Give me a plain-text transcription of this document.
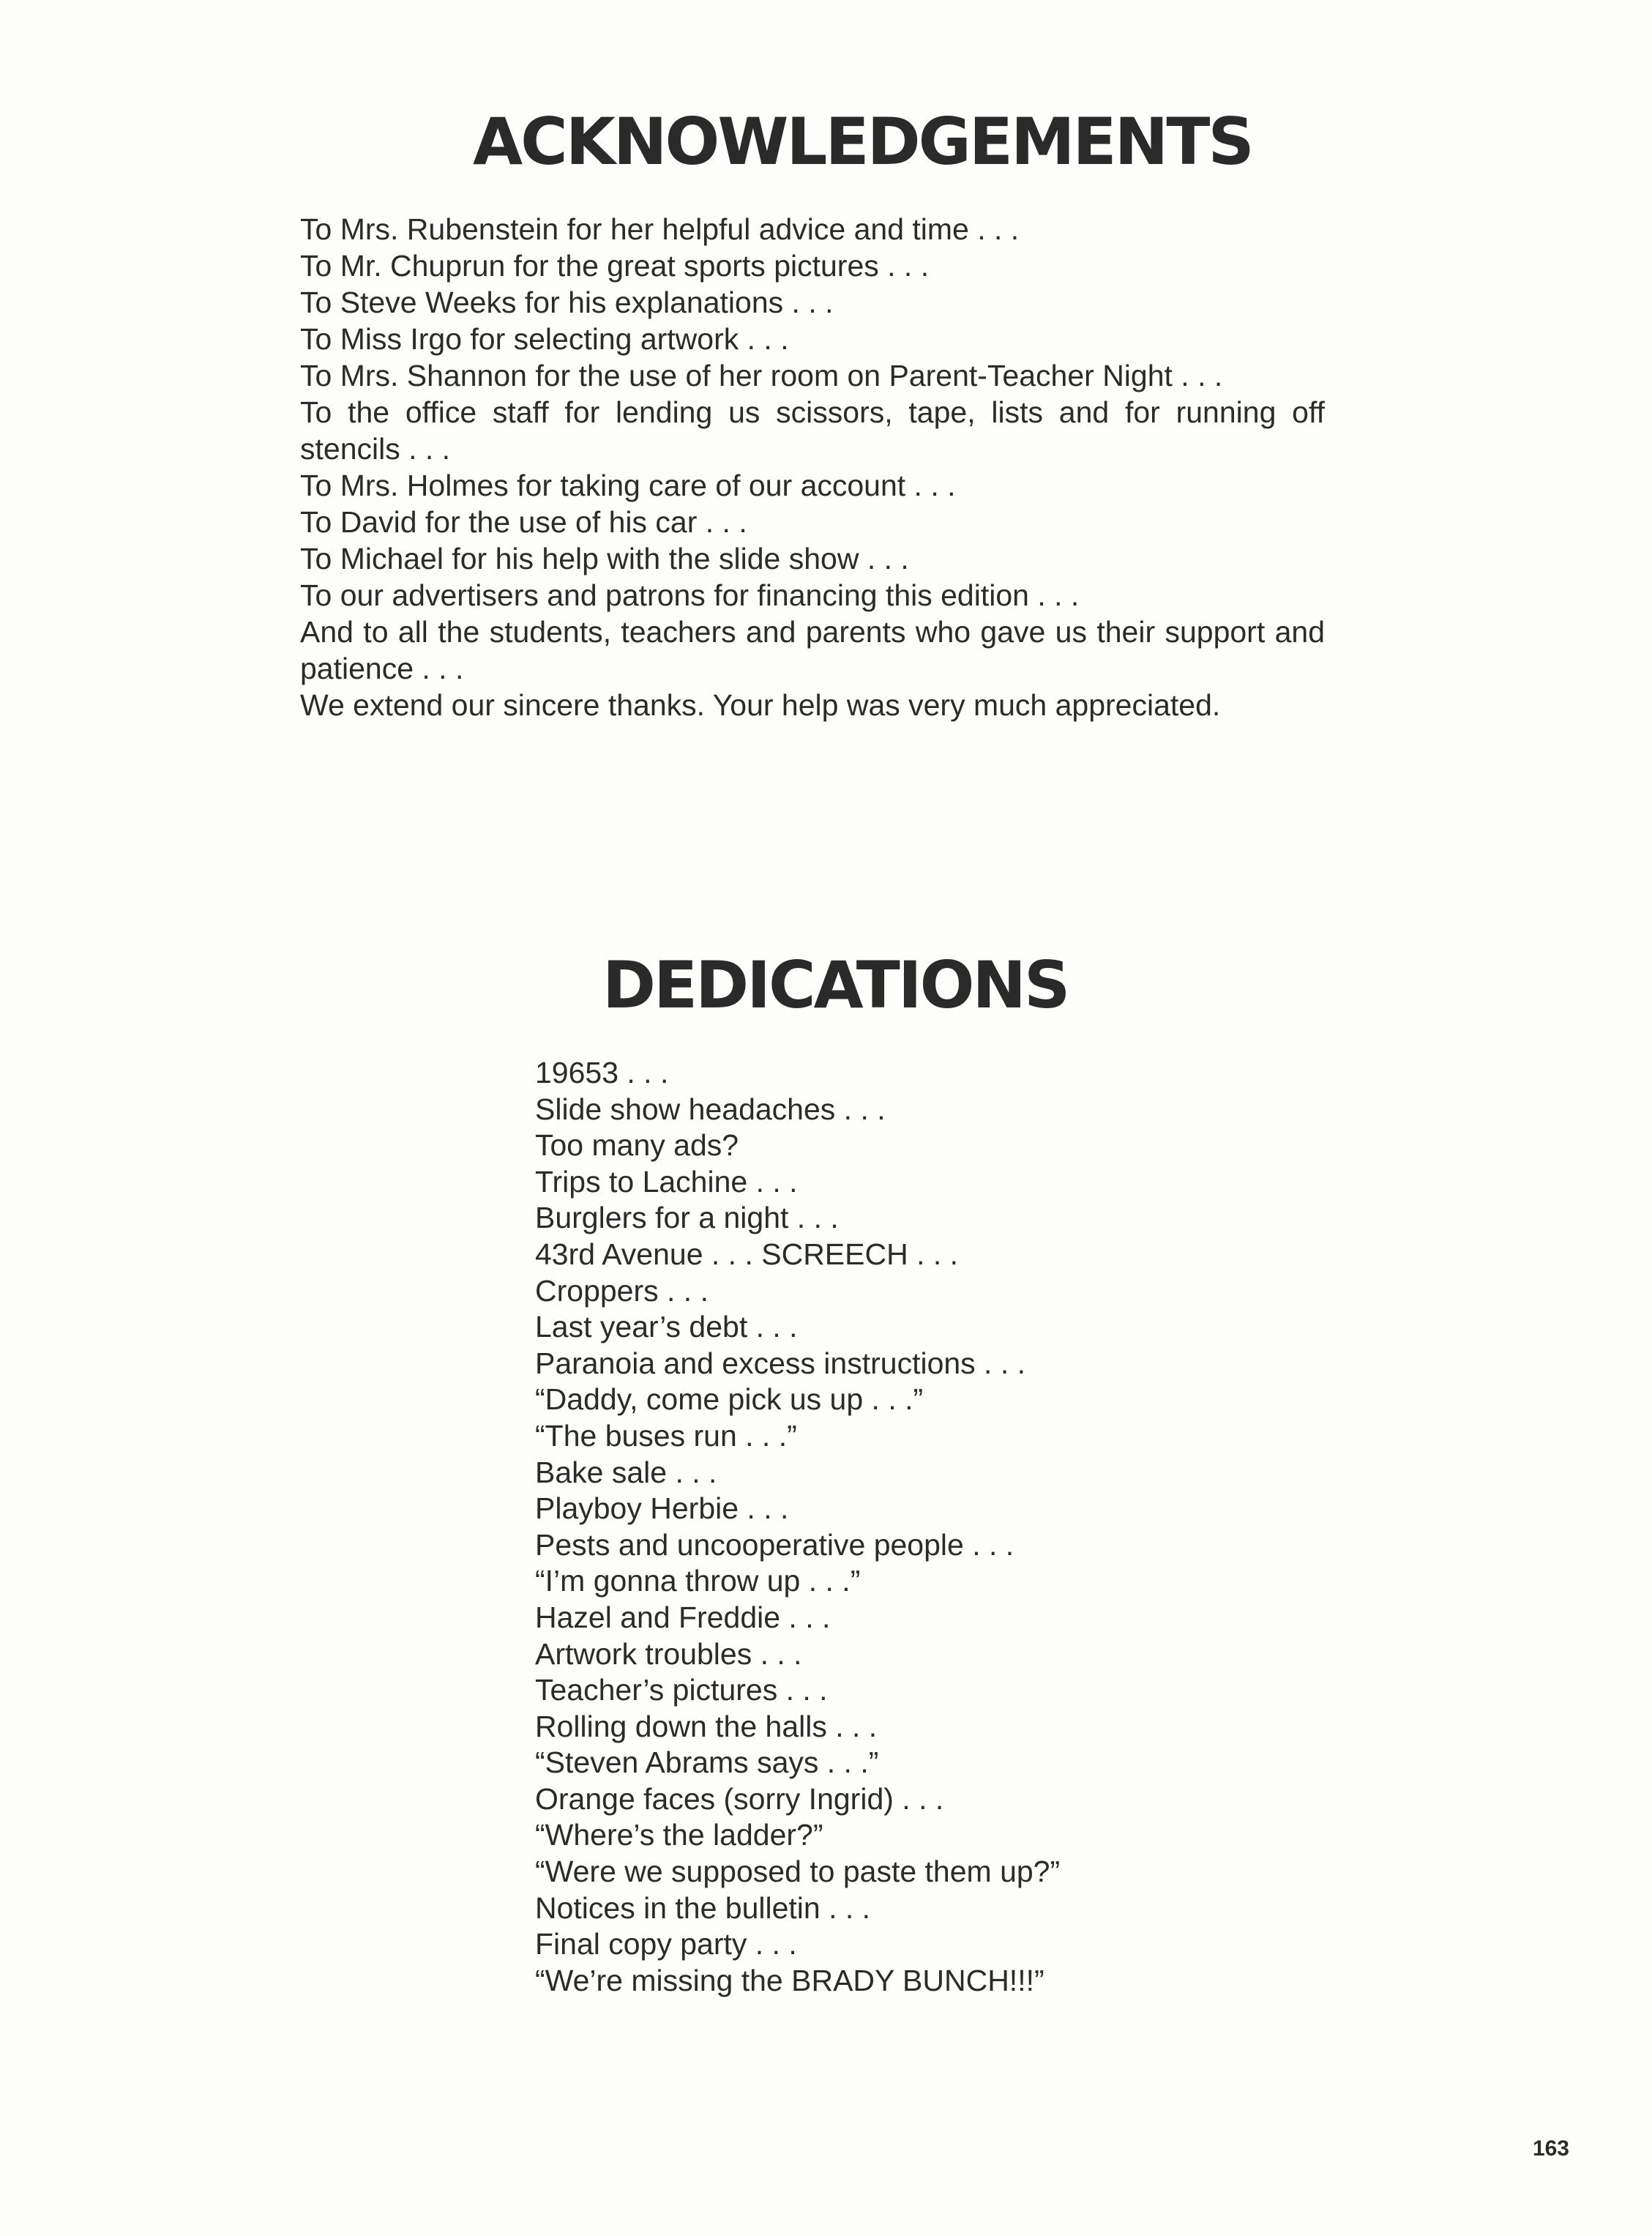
ACKNOWLEDGEMENTS

To Mrs. Rubenstein for her helpful advice and time . . .

To Mr. Chuprun for the great sports pictures . . .

To Steve Weeks for his explanations . . .

To Miss Irgo for selecting artwork . . .

To Mrs. Shannon for the use of her room on Parent-Teacher Night . . .

To the office staff for lending us scissors, tape, lists and for running off stencils . . .

To Mrs. Holmes for taking care of our account . . .

To David for the use of his car . . .

To Michael for his help with the slide show . . .

To our advertisers and patrons for financing this edition . . .

And to all the students, teachers and parents who gave us their support and patience . . .

We extend our sincere thanks. Your help was very much appreciated.

DEDICATIONS
19653 . . .
Slide show headaches . . .
Too many ads?
Trips to Lachine . . .
Burglers for a night . . .
43rd Avenue . . . SCREECH . . .
Croppers . . .
Last year’s debt . . .
Paranoia and excess instructions . . .
“Daddy, come pick us up . . .”
“The buses run . . .”
Bake sale . . .
Playboy Herbie . . .
Pests and uncooperative people . . .
“I’m gonna throw up . . .”
Hazel and Freddie . . .
Artwork troubles . . .
Teacher’s pictures . . .
Rolling down the halls . . .
“Steven Abrams says . . .”
Orange faces (sorry Ingrid) . . .
“Where’s the ladder?”
“Were we supposed to paste them up?”
Notices in the bulletin . . .
Final copy party . . .
“We’re missing the BRADY BUNCH!!!”
163
